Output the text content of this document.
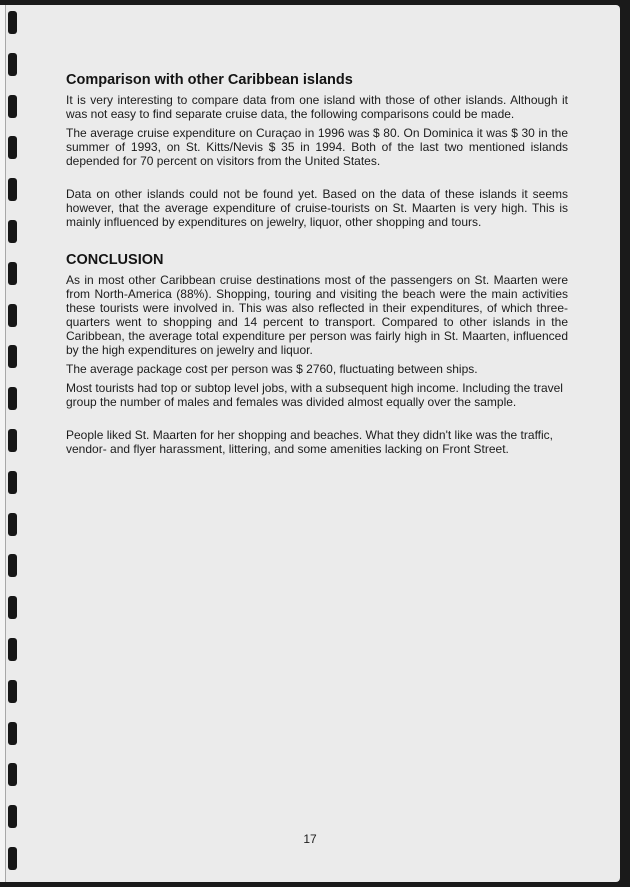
Comparison with other Caribbean islands

It is very interesting to compare data from one island with those of other islands. Although it was not easy to find separate cruise data, the following comparisons could be made.

The average cruise expenditure on Curaçao in 1996 was $ 80. On Dominica it was $ 30 in the summer of 1993, on St. Kitts/Nevis $ 35 in 1994. Both of the last two mentioned islands depended for 70 percent on visitors from the United States.

Data on other islands could not be found yet. Based on the data of these islands it seems however, that the average expenditure of cruise-tourists on St. Maarten is very high. This is mainly influenced by expenditures on jewelry, liquor, other shopping and tours.

CONCLUSION

As in most other Caribbean cruise destinations most of the passengers on St. Maarten were from North-America (88%). Shopping, touring and visiting the beach were the main activities these tourists were involved in. This was also reflected in their expenditures, of which three-quarters went to shopping and 14 percent to transport. Compared to other islands in the Caribbean, the average total expenditure per person was fairly high in St. Maarten, influenced by the high expenditures on jewelry and liquor.

The average package cost per person was $ 2760, fluctuating between ships.

Most tourists had top or subtop level jobs, with a subsequent high income. Including the travel group the number of males and females was divided almost equally over the sample.

People liked St. Maarten for her shopping and beaches. What they didn't like was the traffic, vendor- and flyer harassment, littering, and some amenities lacking on Front Street.

17
